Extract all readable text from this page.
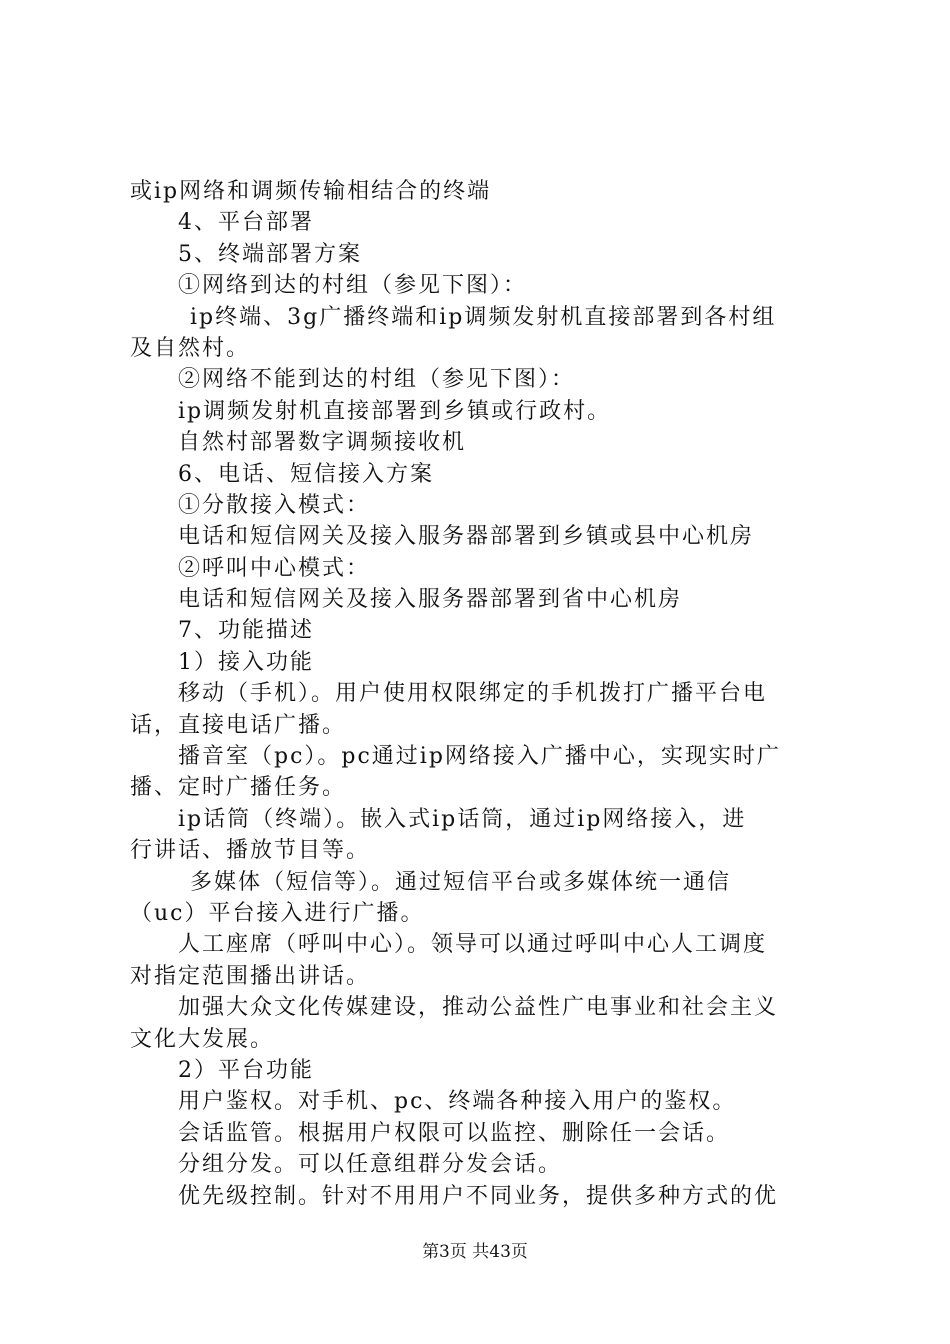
或ip网络和调频传输相结合的终端
4、平台部署
5、终端部署方案
①网络到达的村组（参见下图）：
ip终端、3g广播终端和ip调频发射机直接部署到各村组
及自然村。
②网络不能到达的村组（参见下图）：
ip调频发射机直接部署到乡镇或行政村。
自然村部署数字调频接收机
6、电话、短信接入方案
①分散接入模式：
电话和短信网关及接入服务器部署到乡镇或县中心机房
②呼叫中心模式：
电话和短信网关及接入服务器部署到省中心机房
7、功能描述
1）接入功能
移动（手机）。用户使用权限绑定的手机拨打广播平台电
话，直接电话广播。
播音室（pc）。pc通过ip网络接入广播中心，实现实时广
播、定时广播任务。
ip话筒（终端）。嵌入式ip话筒，通过ip网络接入，进
行讲话、播放节目等。
多媒体（短信等）。通过短信平台或多媒体统一通信
（uc）平台接入进行广播。
人工座席（呼叫中心）。领导可以通过呼叫中心人工调度
对指定范围播出讲话。
加强大众文化传媒建设，推动公益性广电事业和社会主义
文化大发展。
2）平台功能
用户鉴权。对手机、pc、终端各种接入用户的鉴权。
会话监管。根据用户权限可以监控、删除任一会话。
分组分发。可以任意组群分发会话。
优先级控制。针对不用用户不同业务，提供多种方式的优
第3页 共43页
